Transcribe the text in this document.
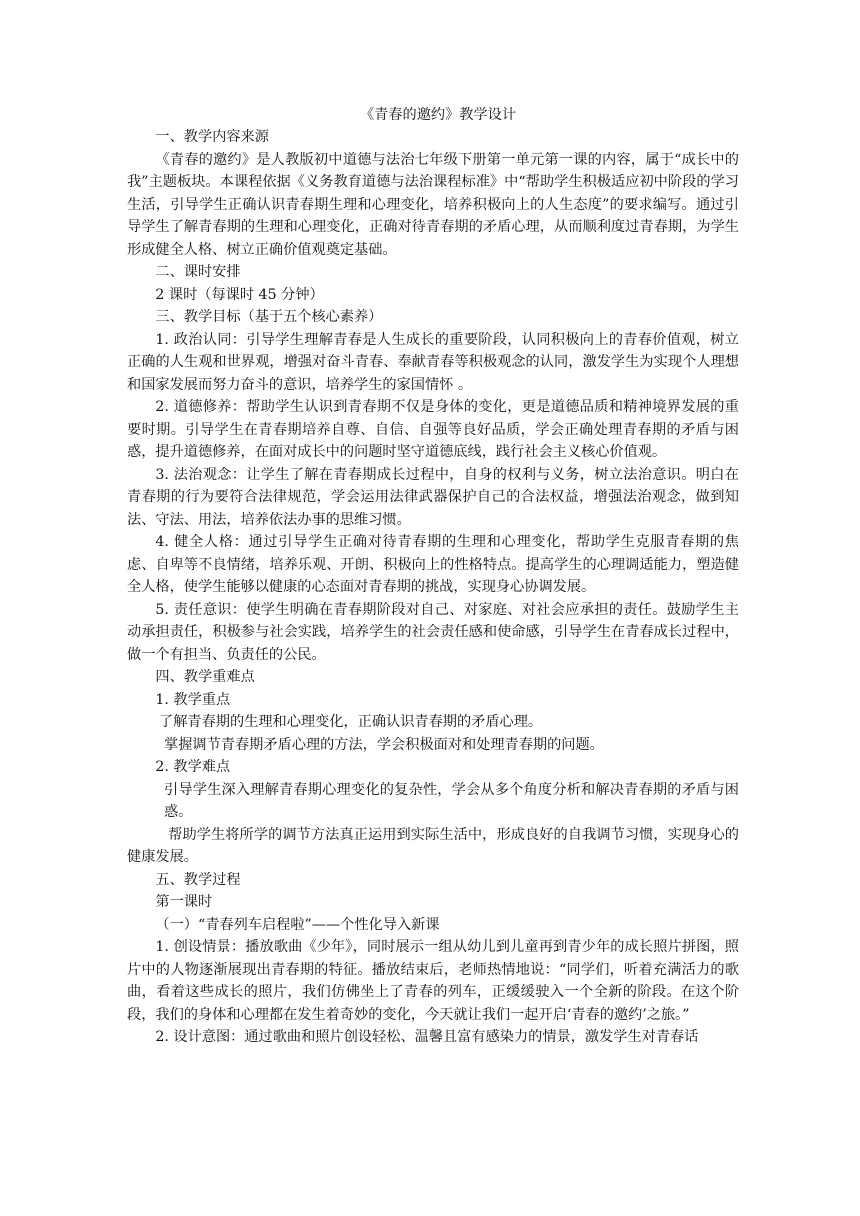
《青春的邀约》教学设计

一、教学内容来源

《青春的邀约》是人教版初中道德与法治七年级下册第一单元第一课的内容，属于“成长中的我”主题板块。本课程依据《义务教育道德与法治课程标准》中“帮助学生积极适应初中阶段的学习生活，引导学生正确认识青春期生理和心理变化，培养积极向上的人生态度”的要求编写。通过引导学生了解青春期的生理和心理变化，正确对待青春期的矛盾心理，从而顺利度过青春期，为学生形成健全人格、树立正确价值观奠定基础。

二、课时安排

2 课时（每课时 45 分钟）

三、教学目标（基于五个核心素养）

1. 政治认同：引导学生理解青春是人生成长的重要阶段，认同积极向上的青春价值观，树立正确的人生观和世界观，增强对奋斗青春、奉献青春等积极观念的认同，激发学生为实现个人理想和国家发展而努力奋斗的意识，培养学生的家国情怀 。

2. 道德修养：帮助学生认识到青春期不仅是身体的变化，更是道德品质和精神境界发展的重要时期。引导学生在青春期培养自尊、自信、自强等良好品质，学会正确处理青春期的矛盾与困惑，提升道德修养，在面对成长中的问题时坚守道德底线，践行社会主义核心价值观。

3. 法治观念：让学生了解在青春期成长过程中，自身的权利与义务，树立法治意识。明白在青春期的行为要符合法律规范，学会运用法律武器保护自己的合法权益，增强法治观念，做到知法、守法、用法，培养依法办事的思维习惯。

4. 健全人格：通过引导学生正确对待青春期的生理和心理变化，帮助学生克服青春期的焦虑、自卑等不良情绪，培养乐观、开朗、积极向上的性格特点。提高学生的心理调适能力，塑造健全人格，使学生能够以健康的心态面对青春期的挑战，实现身心协调发展。

5. 责任意识：使学生明确在青春期阶段对自己、对家庭、对社会应承担的责任。鼓励学生主动承担责任，积极参与社会实践，培养学生的社会责任感和使命感，引导学生在青春成长过程中，做一个有担当、负责任的公民。

四、教学重难点

1. 教学重点

了解青春期的生理和心理变化，正确认识青春期的矛盾心理。

掌握调节青春期矛盾心理的方法，学会积极面对和处理青春期的问题。

2. 教学难点

引导学生深入理解青春期心理变化的复杂性，学会从多个角度分析和解决青春期的矛盾与困惑。

帮助学生将所学的调节方法真正运用到实际生活中，形成良好的自我调节习惯，实现身心的健康发展。

五、教学过程

第一课时

（一）“青春列车启程啦”——个性化导入新课

1. 创设情景：播放歌曲《少年》，同时展示一组从幼儿到儿童再到青少年的成长照片拼图，照片中的人物逐渐展现出青春期的特征。播放结束后，老师热情地说：“同学们，听着充满活力的歌曲，看着这些成长的照片，我们仿佛坐上了青春的列车，正缓缓驶入一个全新的阶段。在这个阶段，我们的身体和心理都在发生着奇妙的变化，今天就让我们一起开启‘青春的邀约’之旅。”

2. 设计意图：通过歌曲和照片创设轻松、温馨且富有感染力的情景，激发学生对青春话
